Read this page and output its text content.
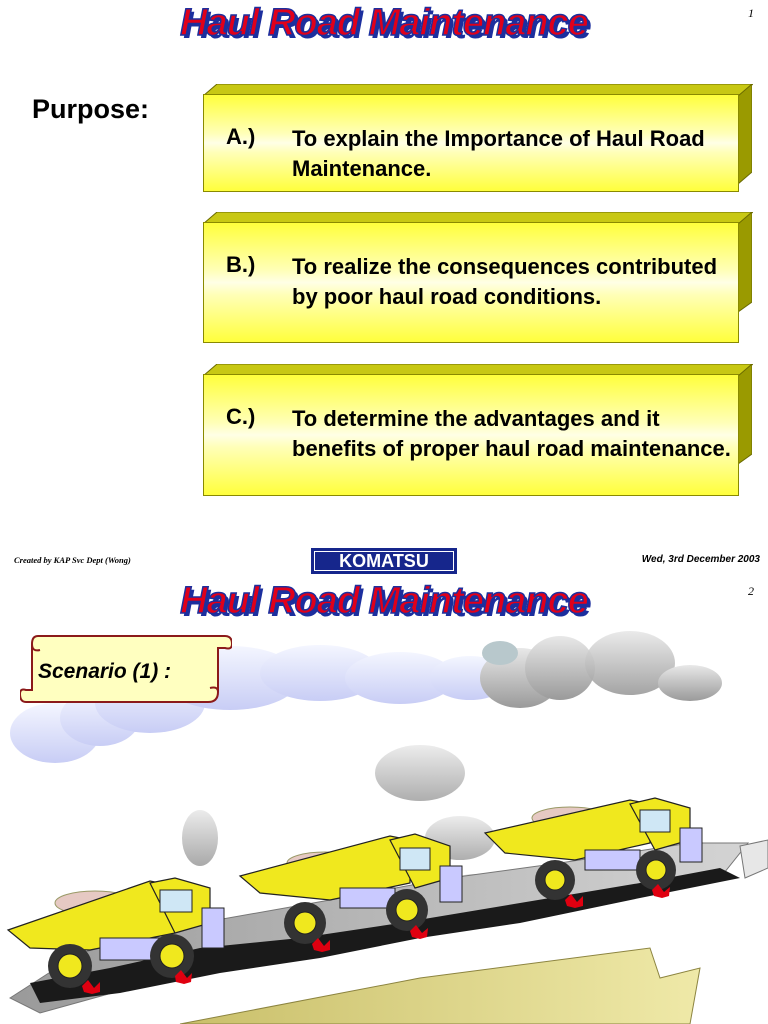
Haul Road Maintenance	1
Purpose:
A.) To explain the Importance of Haul Road Maintenance.
B.) To realize the consequences contributed by poor haul road conditions.
C.) To determine the advantages and it benefits of proper haul road maintenance.
Created by KAP Svc Dept (Wong)	KOMATSU	Wed, 3rd December 2003
Haul Road Maintenance	2
Scenario (1) :
